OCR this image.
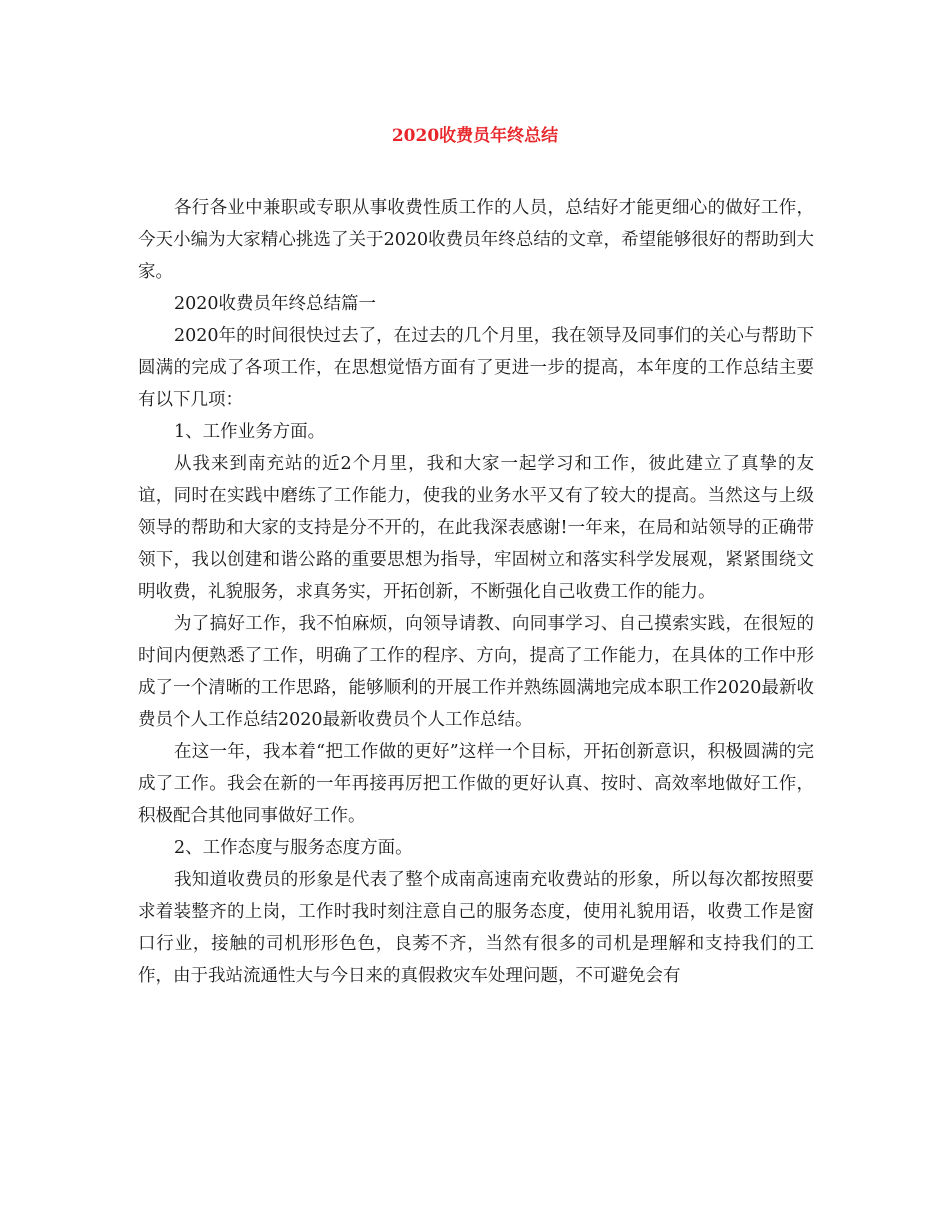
2020收费员年终总结

各行各业中兼职或专职从事收费性质工作的人员，总结好才能更细心的做好工作，今天小编为大家精心挑选了关于2020收费员年终总结的文章，希望能够很好的帮助到大家。

2020收费员年终总结篇一

2020年的时间很快过去了，在过去的几个月里，我在领导及同事们的关心与帮助下圆满的完成了各项工作，在思想觉悟方面有了更进一步的提高，本年度的工作总结主要有以下几项：

1、工作业务方面。

从我来到南充站的近2个月里，我和大家一起学习和工作，彼此建立了真挚的友谊，同时在实践中磨练了工作能力，使我的业务水平又有了较大的提高。当然这与上级领导的帮助和大家的支持是分不开的，在此我深表感谢!一年来，在局和站领导的正确带领下，我以创建和谐公路的重要思想为指导，牢固树立和落实科学发展观，紧紧围绕文明收费，礼貌服务，求真务实，开拓创新，不断强化自己收费工作的能力。

为了搞好工作，我不怕麻烦，向领导请教、向同事学习、自己摸索实践，在很短的时间内便熟悉了工作，明确了工作的程序、方向，提高了工作能力，在具体的工作中形成了一个清晰的工作思路，能够顺利的开展工作并熟练圆满地完成本职工作2020最新收费员个人工作总结2020最新收费员个人工作总结。

在这一年，我本着“把工作做的更好”这样一个目标，开拓创新意识，积极圆满的完成了工作。我会在新的一年再接再厉把工作做的更好认真、按时、高效率地做好工作，积极配合其他同事做好工作。

2、工作态度与服务态度方面。

我知道收费员的形象是代表了整个成南高速南充收费站的形象，所以每次都按照要求着装整齐的上岗，工作时我时刻注意自己的服务态度，使用礼貌用语，收费工作是窗口行业，接触的司机形形色色，良莠不齐，当然有很多的司机是理解和支持我们的工作，由于我站流通性大与今日来的真假救灾车处理问题，不可避免会有
